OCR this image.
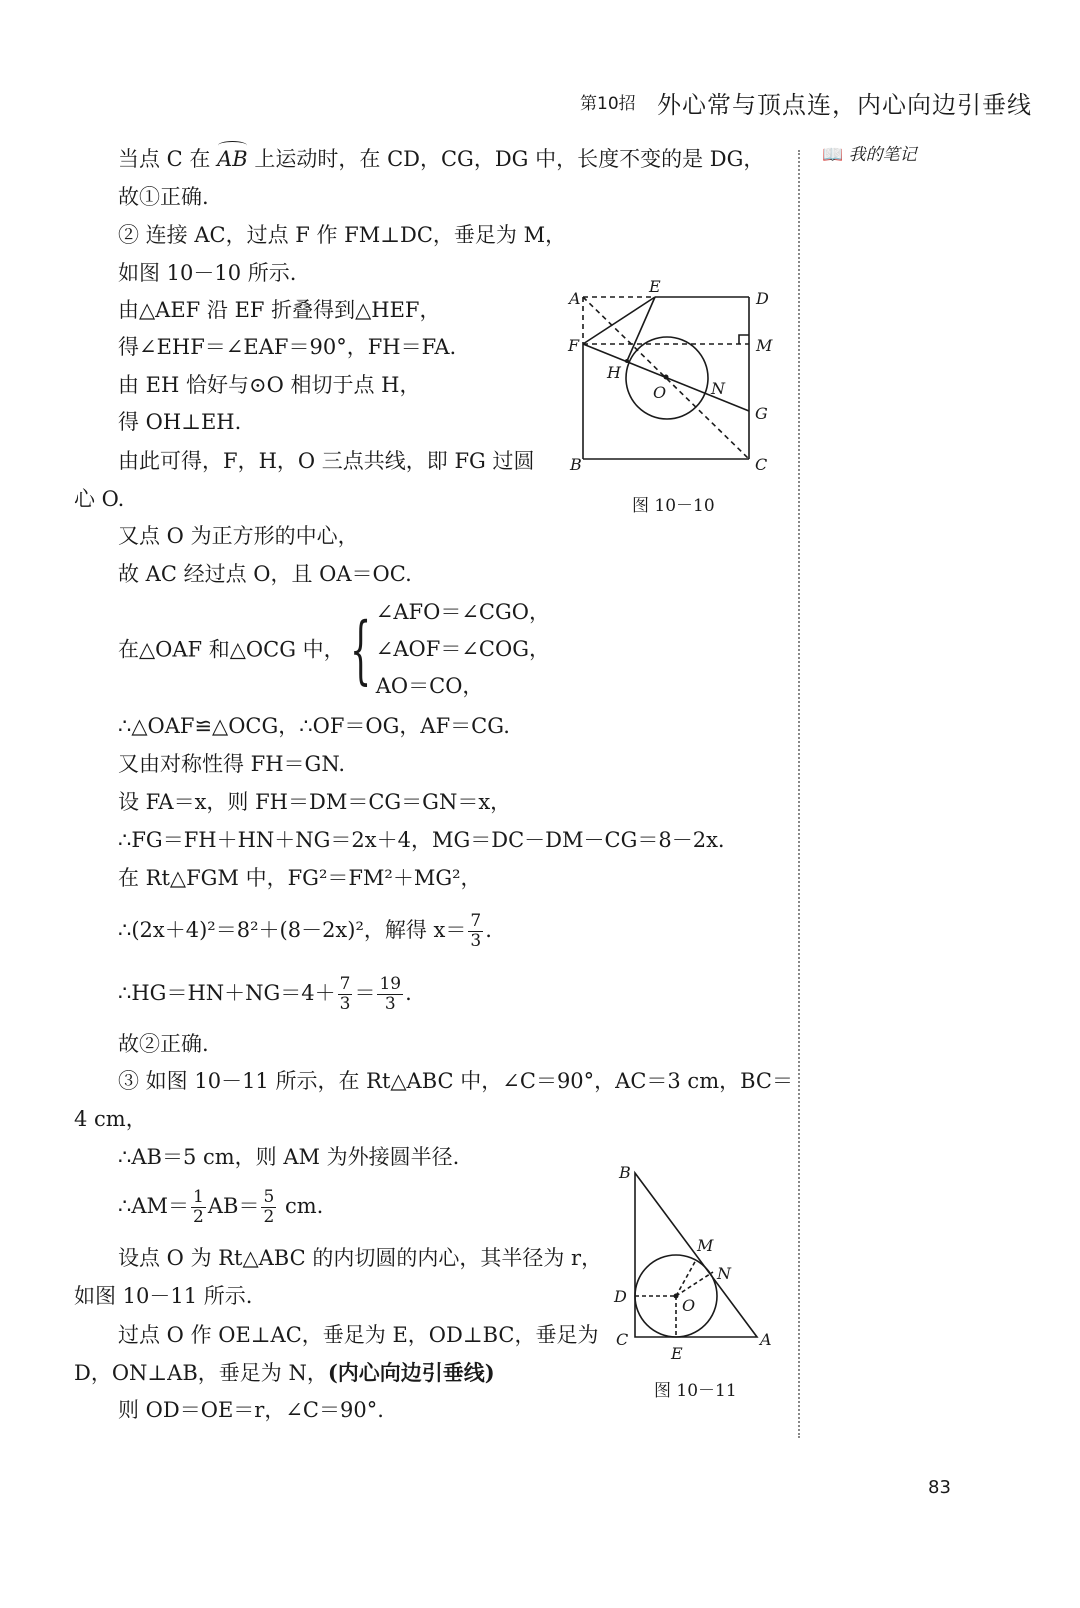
第10招 外心常与顶点连，内心向边引垂线
📖 我的笔记
当点 C 在 AB 上运动时，在 CD，CG，DG 中，长度不变的是 DG，
故①正确.
② 连接 AC，过点 F 作 FM⊥DC，垂足为 M，
如图 10－10 所示.
由△AEF 沿 EF 折叠得到△HEF，
得∠EHF＝∠EAF＝90°，FH＝FA.
由 EH 恰好与⊙O 相切于点 H，
得 OH⊥EH.
由此可得，F，H，O 三点共线，即 FG 过圆
心 O.
又点 O 为正方形的中心，
故 AC 经过点 O，且 OA＝OC.
在△OAF 和△OCG 中，{ ∠AFO＝∠CGO，
∠AOF＝∠COG，
AO＝CO，
∴△OAF≌△OCG，∴OF＝OG，AF＝CG.
又由对称性得 FH＝GN.
设 FA＝x，则 FH＝DM＝CG＝GN＝x，
∴FG＝FH＋HN＋NG＝2x＋4，MG＝DC－DM－CG＝8－2x.
在 Rt△FGM 中，FG²＝FM²＋MG²，
∴(2x＋4)²＝8²＋(8－2x)²，解得 $x= \frac{7}{3}$ .
∴HG＝HN＋NG＝4＋ $\frac{7}{3} = \frac{19}{3}$ .
故②正确.
③ 如图 10－11 所示，在 Rt△ABC 中，∠C＝90°，AC＝3 cm，BC＝
4 cm，
∴AB＝5 cm，则 AM 为外接圆半径.
∴AM＝ $\frac{1}{2} AB= \frac{5}{2}$ cm.
设点 O 为 Rt△ABC 的内切圆的内心，其半径为 r，
如图 10－11 所示.
过点 O 作 OE⊥AC，垂足为 E，OD⊥BC，垂足为
D，ON⊥AB，垂足为 N，(内心向边引垂线)
则 OD＝OE＝r，∠C＝90°.
A
E
D
F	M
H
O	N
G
B	C
B
M
N
D	O
C
E
A
图 10－10
图 10－11
83
